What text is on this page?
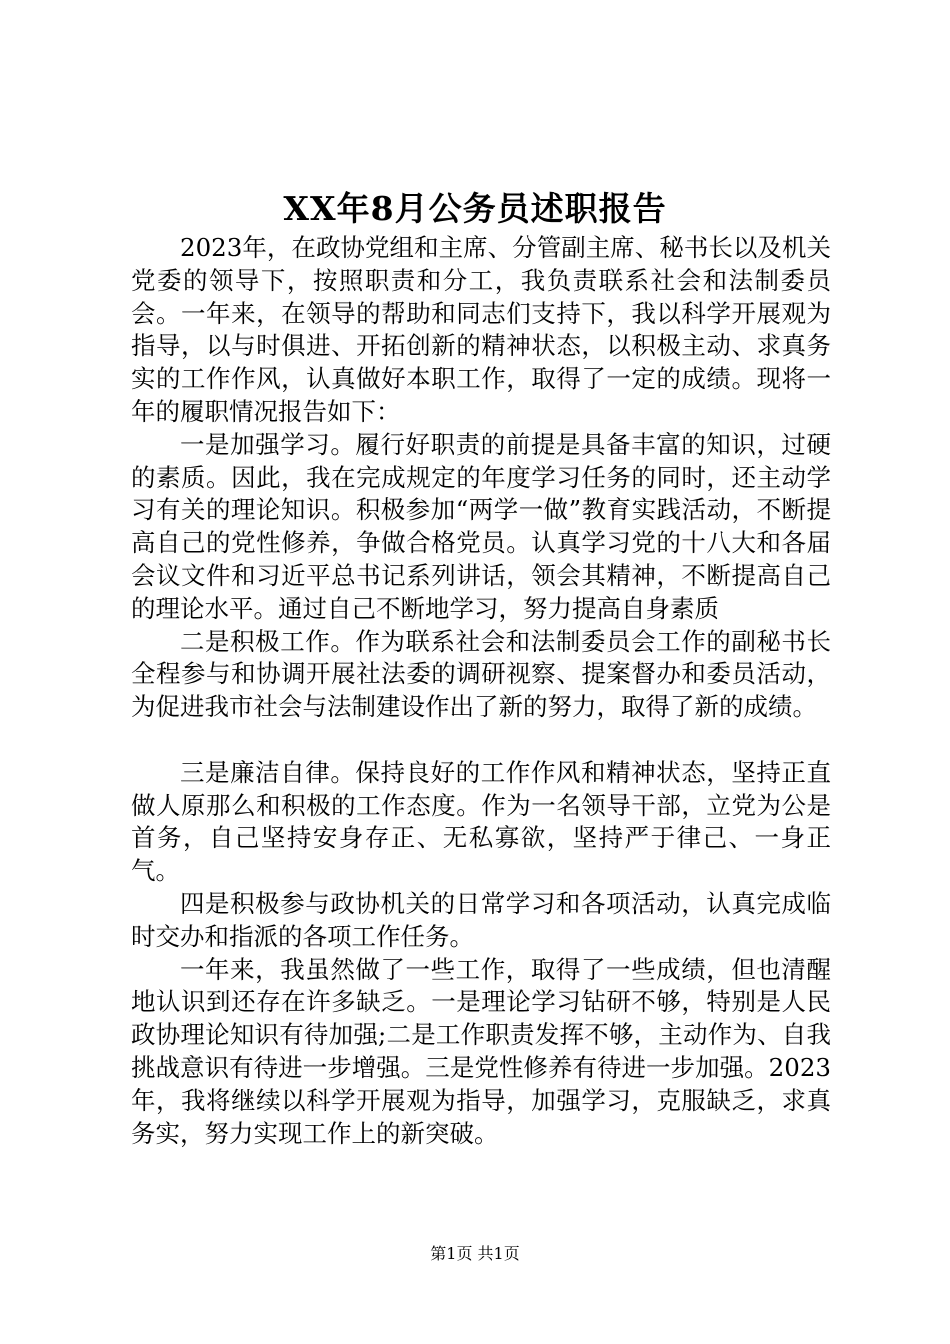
XX年8月公务员述职报告

2023年，在政协党组和主席、分管副主席、秘书长以及机关党委的领导下，按照职责和分工，我负责联系社会和法制委员会。一年来，在领导的帮助和同志们支持下，我以科学开展观为指导，以与时俱进、开拓创新的精神状态，以积极主动、求真务实的工作作风，认真做好本职工作，取得了一定的成绩。现将一年的履职情况报告如下：

一是加强学习。履行好职责的前提是具备丰富的知识，过硬的素质。因此，我在完成规定的年度学习任务的同时，还主动学习有关的理论知识。积极参加“两学一做”教育实践活动，不断提高自己的党性修养，争做合格党员。认真学习党的十八大和各届会议文件和习近平总书记系列讲话，领会其精神，不断提高自己的理论水平。通过自己不断地学习，努力提高自身素质

二是积极工作。作为联系社会和法制委员会工作的副秘书长全程参与和协调开展社法委的调研视察、提案督办和委员活动，为促进我市社会与法制建设作出了新的努力，取得了新的成绩。

三是廉洁自律。保持良好的工作作风和精神状态，坚持正直做人原那么和积极的工作态度。作为一名领导干部，立党为公是首务，自己坚持安身存正、无私寡欲，坚持严于律己、一身正气。

四是积极参与政协机关的日常学习和各项活动，认真完成临时交办和指派的各项工作任务。

一年来，我虽然做了一些工作，取得了一些成绩，但也清醒地认识到还存在许多缺乏。一是理论学习钻研不够，特别是人民政协理论知识有待加强;二是工作职责发挥不够，主动作为、自我挑战意识有待进一步增强。三是党性修养有待进一步加强。2023年，我将继续以科学开展观为指导，加强学习，克服缺乏，求真务实，努力实现工作上的新突破。

第1页 共1页
